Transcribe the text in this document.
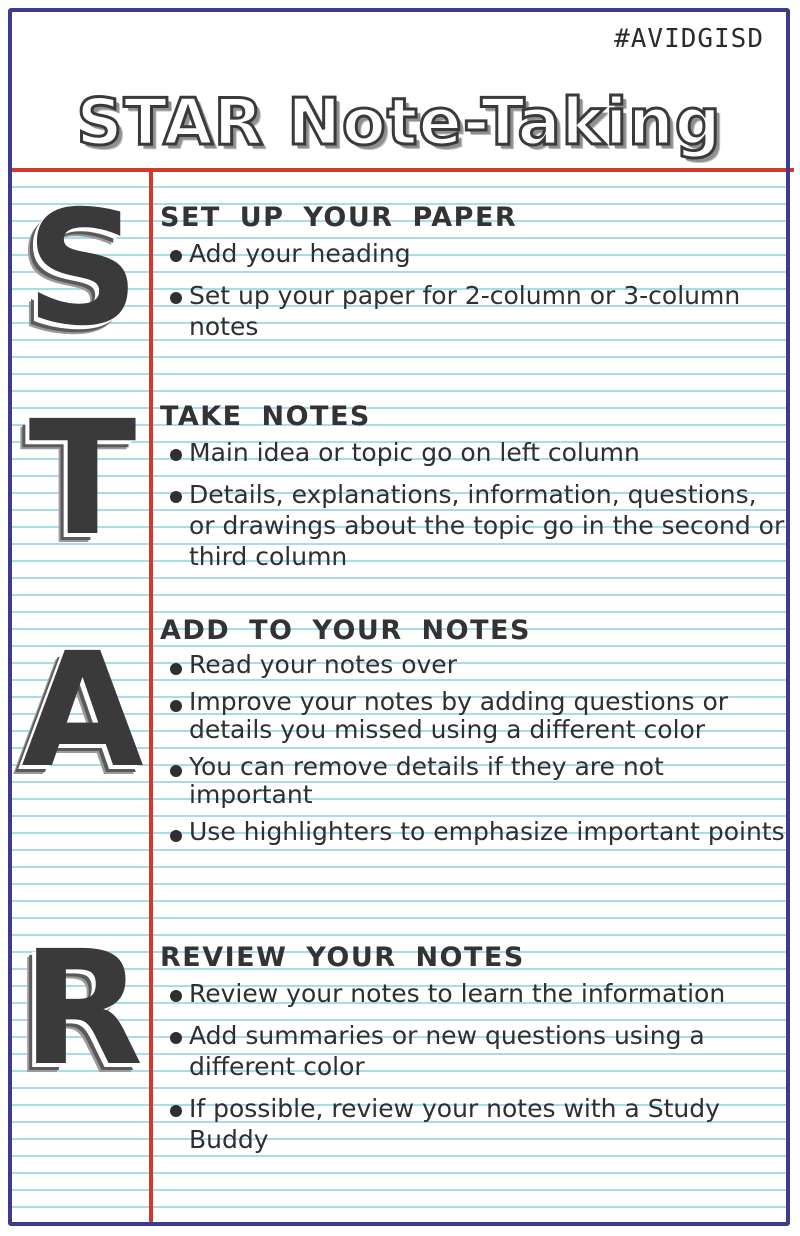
#AVIDGISD
STAR Note-Taking
S
T
A
R
SET UP YOUR PAPER
Add your heading
Set up your paper for 2-column or 3-column notes
TAKE NOTES
Main idea or topic go on left column
Details, explanations, information, questions, or drawings about the topic go in the second or third column
ADD TO YOUR NOTES
Read your notes over
Improve your notes by adding questions or details you missed using a different color
You can remove details if they are not important
Use highlighters to emphasize important points
REVIEW YOUR NOTES
Review your notes to learn the information
Add summaries or new questions using a different color
If possible, review your notes with a Study Buddy
